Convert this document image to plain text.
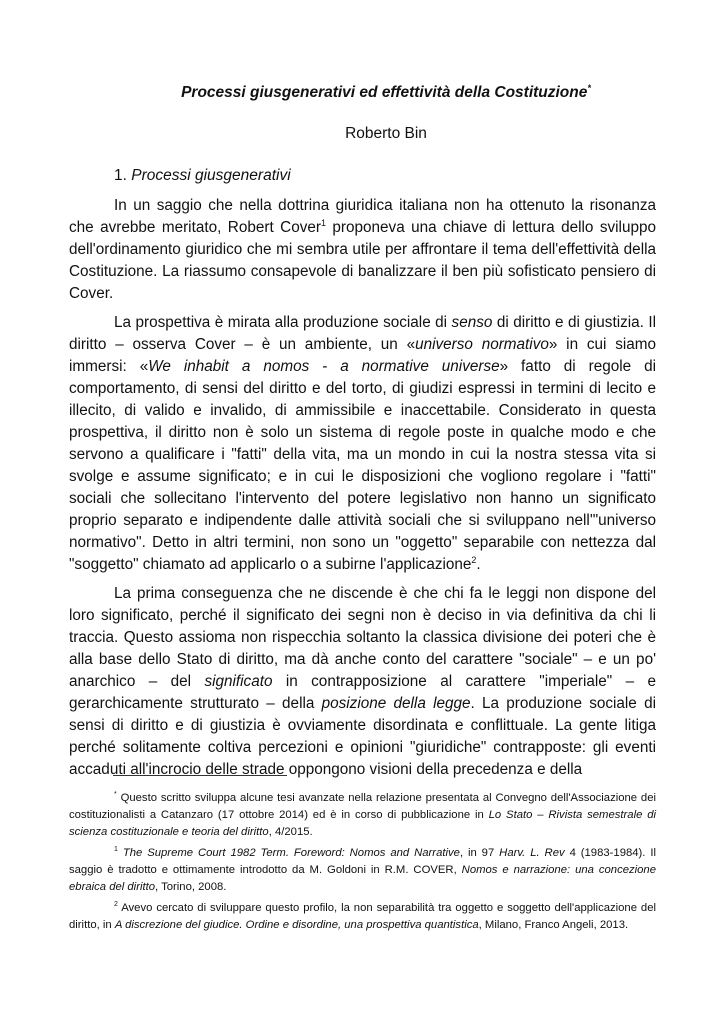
Processi giusgenerativi ed effettività della Costituzione*
Roberto Bin
1. Processi giusgenerativi

In un saggio che nella dottrina giuridica italiana non ha ottenuto la risonanza che avrebbe meritato, Robert Cover$^1$ proponeva una chiave di lettura dello sviluppo dell'ordinamento giuridico che mi sembra utile per affrontare il tema dell'effettività della Costituzione. La riassumo consapevole di banalizzare il ben più sofisticato pensiero di Cover.

La prospettiva è mirata alla produzione sociale di senso di diritto e di giustizia. Il diritto – osserva Cover – è un ambiente, un «universo normativo» in cui siamo immersi: «We inhabit a nomos - a normative universe» fatto di regole di comportamento, di sensi del diritto e del torto, di giudizi espressi in termini di lecito e illecito, di valido e invalido, di ammissibile e inaccettabile. Considerato in questa prospettiva, il diritto non è solo un sistema di regole poste in qualche modo e che servono a qualificare i "fatti" della vita, ma un mondo in cui la nostra stessa vita si svolge e assume significato; e in cui le disposizioni che vogliono regolare i "fatti" sociali che sollecitano l'intervento del potere legislativo non hanno un significato proprio separato e indipendente dalle attività sociali che si sviluppano nell'"universo normativo". Detto in altri termini, non sono un "oggetto" separabile con nettezza dal "soggetto" chiamato ad applicarlo o a subirne l'applicazione$^2$.

La prima conseguenza che ne discende è che chi fa le leggi non dispone del loro significato, perché il significato dei segni non è deciso in via definitiva da chi li traccia. Questo assioma non rispecchia soltanto la classica divisione dei poteri che è alla base dello Stato di diritto, ma dà anche conto del carattere "sociale" – e un po' anarchico – del significato in contrapposizione al carattere "imperiale" – e gerarchicamente strutturato – della posizione della legge. La produzione sociale di sensi di diritto e di giustizia è ovviamente disordinata e conflittuale. La gente litiga perché solitamente coltiva percezioni e opinioni "giuridiche" contrapposte: gli eventi accaduti all'incrocio delle strade oppongono visioni della precedenza e della

* Questo scritto sviluppa alcune tesi avanzate nella relazione presentata al Convegno dell'Associazione dei costituzionalisti a Catanzaro (17 ottobre 2014) ed è in corso di pubblicazione in Lo Stato – Rivista semestrale di scienza costituzionale e teoria del diritto, 4/2015.

$^1$ The Supreme Court 1982 Term. Foreword: Nomos and Narrative, in 97 Harv. L. Rev 4 (1983-1984). Il saggio è tradotto e ottimamente introdotto da M. Goldoni in R.M. COVER, Nomos e narrazione: una concezione ebraica del diritto, Torino, 2008.

$^2$ Avevo cercato di sviluppare questo profilo, la non separabilità tra oggetto e soggetto dell'applicazione del diritto, in A discrezione del giudice. Ordine e disordine, una prospettiva quantistica, Milano, Franco Angeli, 2013.
